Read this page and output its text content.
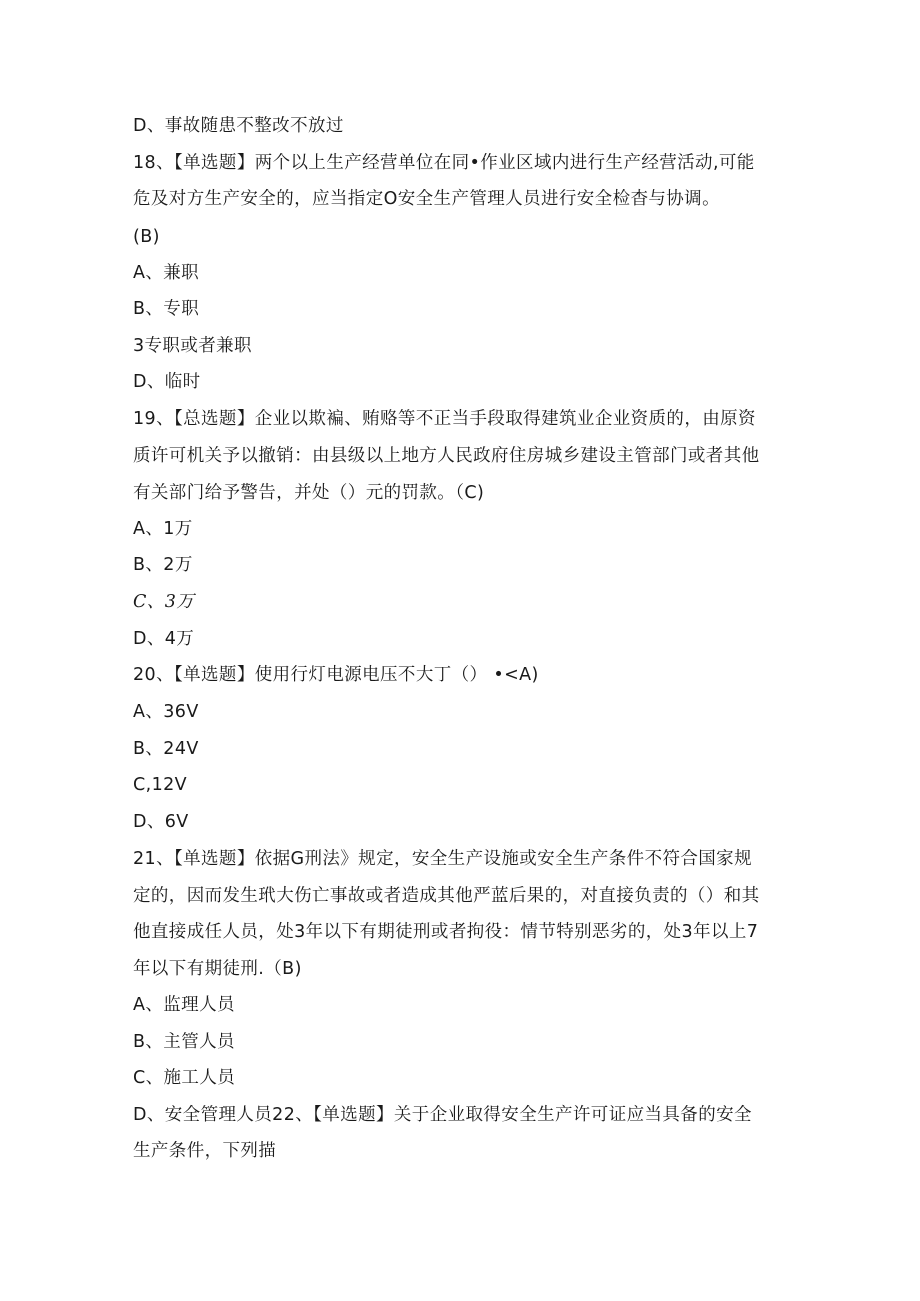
D、事故随患不整改不放过
18、【单选题】两个以上生产经营单位在同•作业区域内进行生产经营活动,可能
危及对方生产安全的，应当指定O安全生产管理人员进行安全检杳与协调。
(B)
A、兼职
B、专职
3专职或者兼职
D、临时
19、【总选题】企业以欺褊、贿赂等不正当手段取得建筑业企业资质的，由原资
质许可机关予以撤销：由县级以上地方人民政府住房城乡建设主管部门或者其他
有关部门给予警告，并处（）元的罚款。（C)
A、1万
B、2万
C、3万
D、4万
20、【单选题】使用行灯电源电压不大丁（） •<A)
A、36V
B、24V
C,12V
D、6V
21、【单选题】依据G刑法》规定，安全生产设施或安全生产条件不符合国家规
定的，因而发生玳大伤亡事故或者造成其他严蓝后果的，对直接负责的（）和其
他直接成任人员，处3年以下有期徒刑或者拘役：情节特别恶劣的，处3年以上7
年以下有期徒刑.（B)
A、监理人员
B、主管人员
C、施工人员
D、安全管理人员22、【单选题】关于企业取得安全生产许可证应当具备的安全
生产条件，下列描
